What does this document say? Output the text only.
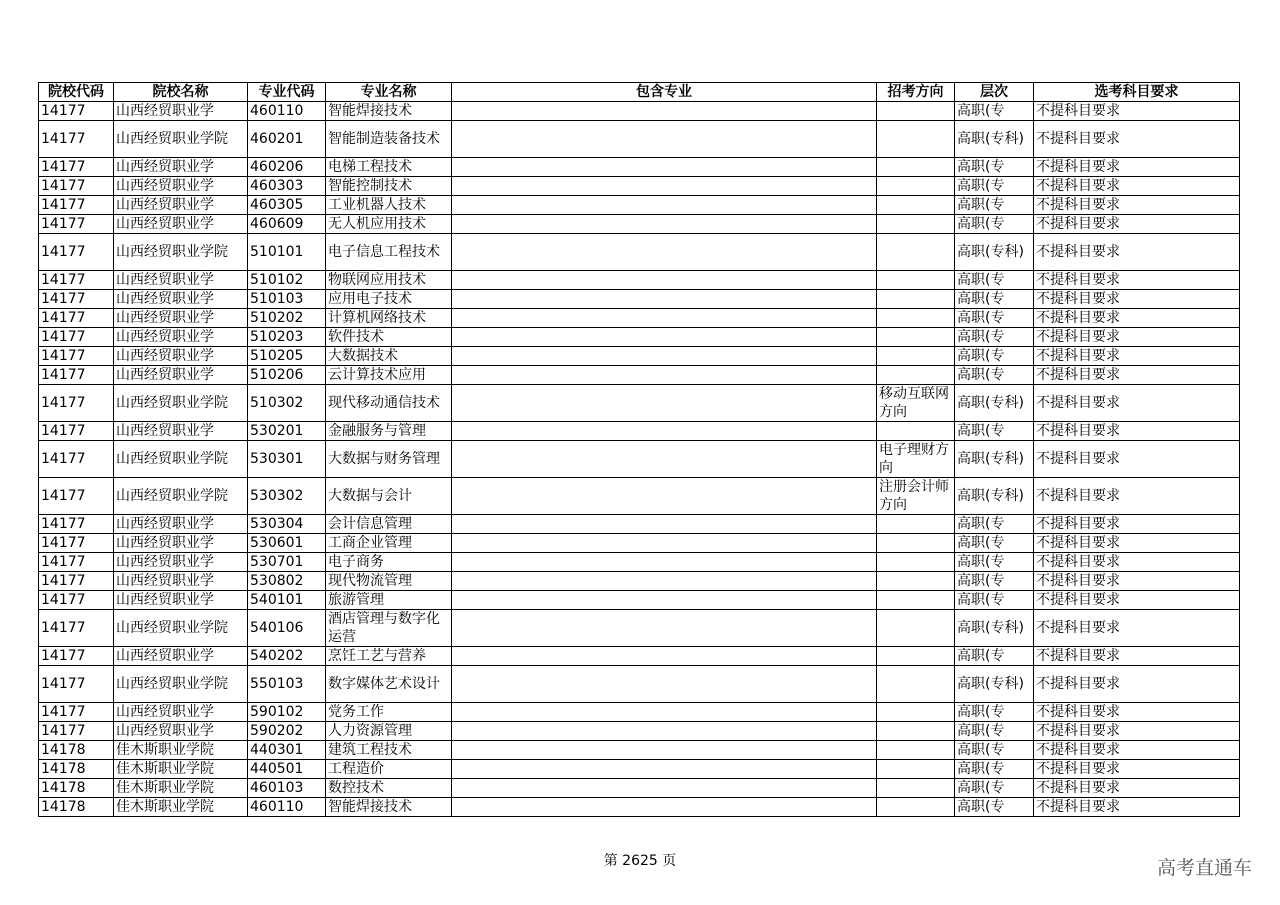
院校代码	院校名称	专业代码	专业名称	包含专业	招考方向	层次	选考科目要求
14177	山西经贸职业学	460110	智能焊接技术			高职(专	不提科目要求
14177	山西经贸职业学院	460201	智能制造装备技术			高职(专科)	不提科目要求
14177	山西经贸职业学	460206	电梯工程技术			高职(专	不提科目要求
14177	山西经贸职业学	460303	智能控制技术			高职(专	不提科目要求
14177	山西经贸职业学	460305	工业机器人技术			高职(专	不提科目要求
14177	山西经贸职业学	460609	无人机应用技术			高职(专	不提科目要求
14177	山西经贸职业学院	510101	电子信息工程技术			高职(专科)	不提科目要求
14177	山西经贸职业学	510102	物联网应用技术			高职(专	不提科目要求
14177	山西经贸职业学	510103	应用电子技术			高职(专	不提科目要求
14177	山西经贸职业学	510202	计算机网络技术			高职(专	不提科目要求
14177	山西经贸职业学	510203	软件技术			高职(专	不提科目要求
14177	山西经贸职业学	510205	大数据技术			高职(专	不提科目要求
14177	山西经贸职业学	510206	云计算技术应用			高职(专	不提科目要求
14177	山西经贸职业学院	510302	现代移动通信技术		移动互联网方向	高职(专科)	不提科目要求
14177	山西经贸职业学	530201	金融服务与管理			高职(专	不提科目要求
14177	山西经贸职业学院	530301	大数据与财务管理		电子理财方向	高职(专科)	不提科目要求
14177	山西经贸职业学院	530302	大数据与会计		注册会计师方向	高职(专科)	不提科目要求
14177	山西经贸职业学	530304	会计信息管理			高职(专	不提科目要求
14177	山西经贸职业学	530601	工商企业管理			高职(专	不提科目要求
14177	山西经贸职业学	530701	电子商务			高职(专	不提科目要求
14177	山西经贸职业学	530802	现代物流管理			高职(专	不提科目要求
14177	山西经贸职业学	540101	旅游管理			高职(专	不提科目要求
14177	山西经贸职业学院	540106	酒店管理与数字化运营			高职(专科)	不提科目要求
14177	山西经贸职业学	540202	烹饪工艺与营养			高职(专	不提科目要求
14177	山西经贸职业学院	550103	数字媒体艺术设计			高职(专科)	不提科目要求
14177	山西经贸职业学	590102	党务工作			高职(专	不提科目要求
14177	山西经贸职业学	590202	人力资源管理			高职(专	不提科目要求
14178	佳木斯职业学院	440301	建筑工程技术			高职(专	不提科目要求
14178	佳木斯职业学院	440501	工程造价			高职(专	不提科目要求
14178	佳木斯职业学院	460103	数控技术			高职(专	不提科目要求
14178	佳木斯职业学院	460110	智能焊接技术			高职(专	不提科目要求
第 2625 页	高考直通车
